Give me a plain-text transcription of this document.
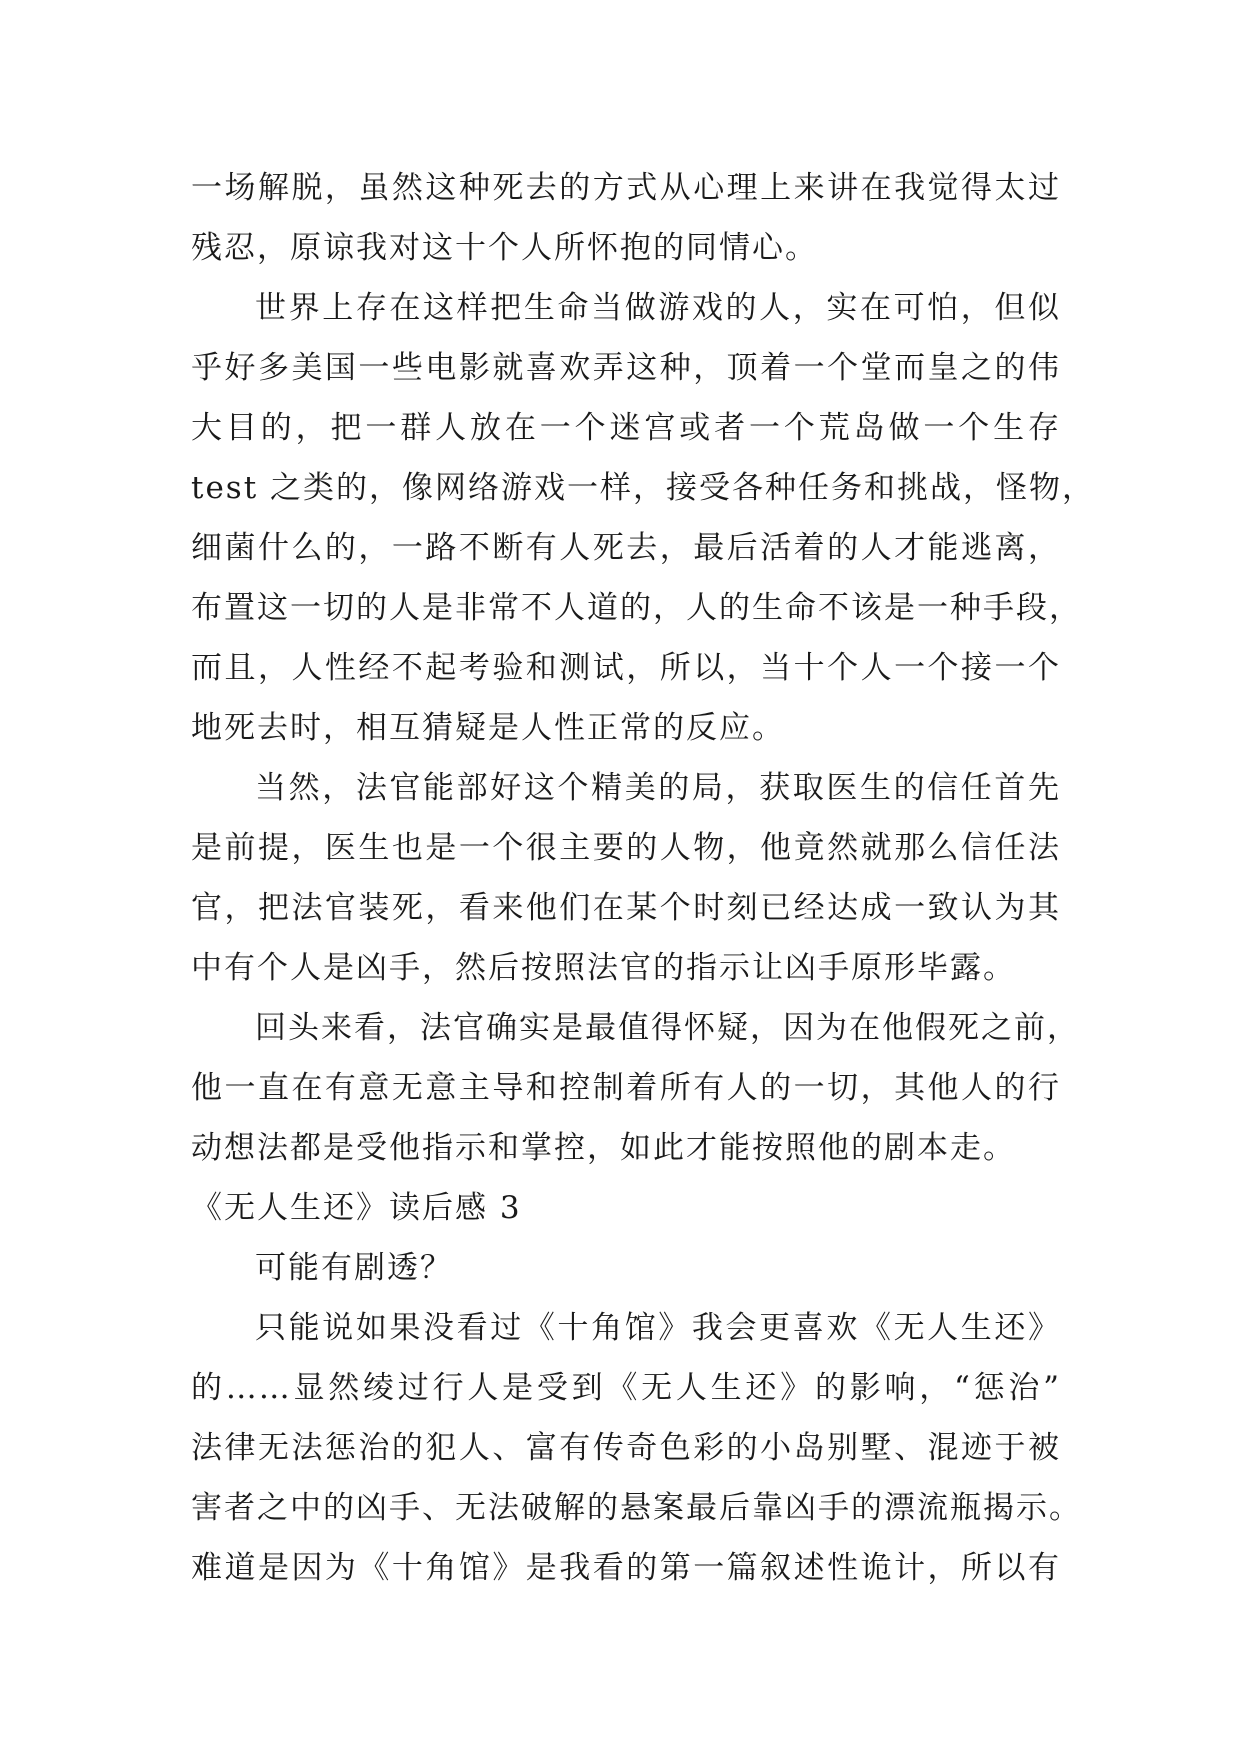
一场解脱，虽然这种死去的方式从心理上来讲在我觉得太过
残忍，原谅我对这十个人所怀抱的同情心。
世界上存在这样把生命当做游戏的人，实在可怕，但似
乎好多美国一些电影就喜欢弄这种，顶着一个堂而皇之的伟
大目的，把一群人放在一个迷宫或者一个荒岛做一个生存
test 之类的，像网络游戏一样，接受各种任务和挑战，怪物，
细菌什么的，一路不断有人死去，最后活着的人才能逃离，
布置这一切的人是非常不人道的，人的生命不该是一种手段，
而且，人性经不起考验和测试，所以，当十个人一个接一个
地死去时，相互猜疑是人性正常的反应。
当然，法官能部好这个精美的局，获取医生的信任首先
是前提，医生也是一个很主要的人物，他竟然就那么信任法
官，把法官装死，看来他们在某个时刻已经达成一致认为其
中有个人是凶手，然后按照法官的指示让凶手原形毕露。
回头来看，法官确实是最值得怀疑，因为在他假死之前，
他一直在有意无意主导和控制着所有人的一切，其他人的行
动想法都是受他指示和掌控，如此才能按照他的剧本走。
《无人生还》读后感 3
可能有剧透？
只能说如果没看过《十角馆》我会更喜欢《无人生还》
的……显然绫过行人是受到《无人生还》的影响，“惩治”
法律无法惩治的犯人、富有传奇色彩的小岛别墅、混迹于被
害者之中的凶手、无法破解的悬案最后靠凶手的漂流瓶揭示。
难道是因为《十角馆》是我看的第一篇叙述性诡计，所以有
